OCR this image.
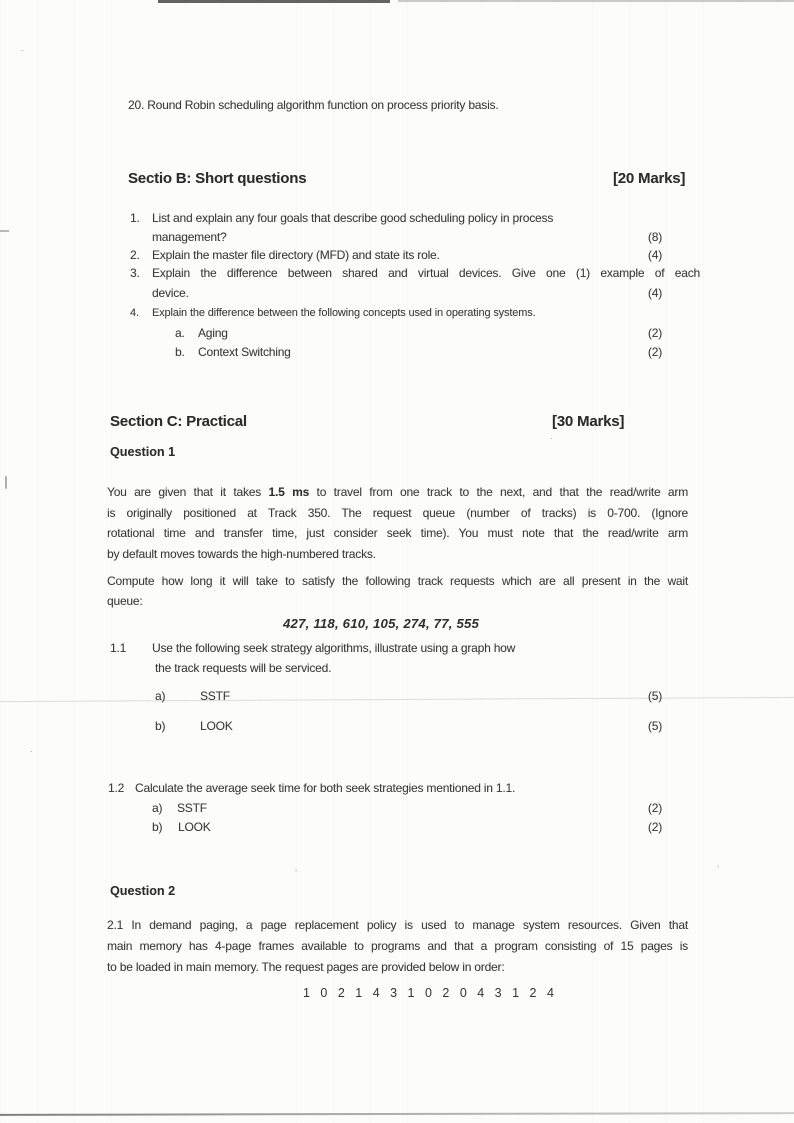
.
’	’
.
.
20. Round Robin scheduling algorithm function on process priority basis.
Sectio B: Short questions	[20 Marks]
1. List and explain any four goals that describe good scheduling policy in process
management?	(8)
2. Explain the master file directory (MFD) and state its role.	(4)
3. Explain the difference between shared and virtual devices. Give one (1) example of each
device.	(4)
4. Explain the difference between the following concepts used in operating systems.
a. Aging	(2)
b. Context Switching	(2)
Section C: Practical	[30 Marks]
Question 1
You are given that it takes 1.5 ms to travel from one track to the next, and that the read/write arm
is originally positioned at Track 350. The request queue (number of tracks) is 0-700. (Ignore
rotational time and transfer time, just consider seek time). You must note that the read/write arm
by default moves towards the high-numbered tracks.
Compute how long it will take to satisfy the following track requests which are all present in the wait
queue:
427, 118, 610, 105, 274, 77, 555
1.1 Use the following seek strategy algorithms, illustrate using a graph how
the track requests will be serviced.
a)	SSTF	(5)
b)	LOOK	(5)
1.2 Calculate the average seek time for both seek strategies mentioned in 1.1.
a) SSTF	(2)
b) LOOK	(2)
Question 2
2.1 In demand paging, a page replacement policy is used to manage system resources. Given that
main memory has 4-page frames available to programs and that a program consisting of 15 pages is
to be loaded in main memory. The request pages are provided below in order:
1 0 2 1 4 3 1 0 2 0 4 3 1 2 4
